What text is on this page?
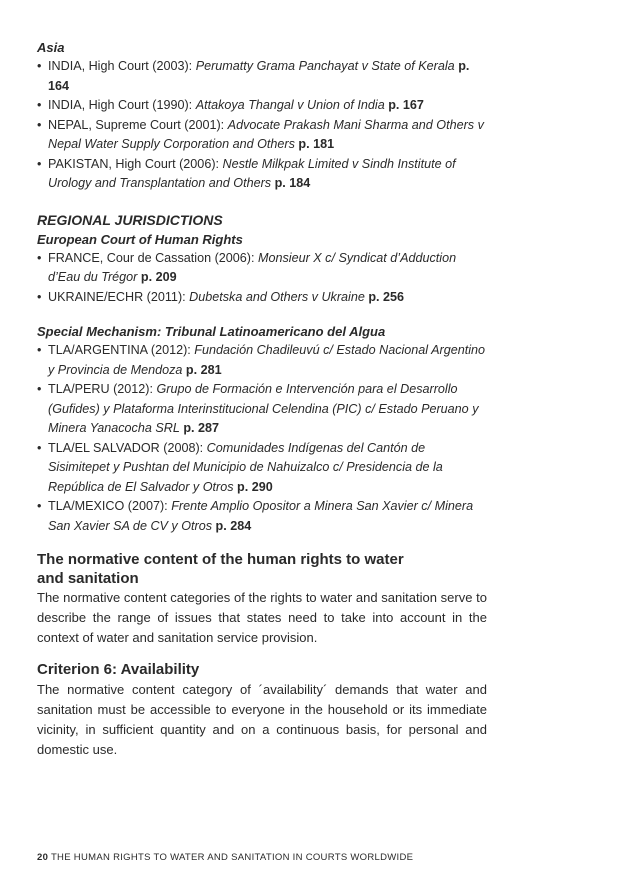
Asia

• INDIA, High Court (2003): Perumatty Grama Panchayat v State of Kerala p. 164

• INDIA, High Court (1990): Attakoya Thangal v Union of India p. 167

• NEPAL, Supreme Court (2001): Advocate Prakash Mani Sharma and Others v Nepal Water Supply Corporation and Others p. 181

• PAKISTAN, High Court (2006): Nestle Milkpak Limited v Sindh Institute of Urology and Transplantation and Others p. 184

REGIONAL JURISDICTIONS

European Court of Human Rights

• FRANCE, Cour de Cassation (2006): Monsieur X c/ Syndicat d’Adduction d’Eau du Trégor p. 209

• UKRAINE/ECHR (2011): Dubetska and Others v Ukraine p. 256

Special Mechanism: Tribunal Latinoamericano del Algua

• TLA/ARGENTINA (2012): Fundación Chadileuvú c/ Estado Nacional Argentino y Provincia de Mendoza p. 281

• TLA/PERU (2012): Grupo de Formación e Intervención para el Desarrollo (Gufides) y Plataforma Interinstitucional Celendina (PIC) c/ Estado Peruano y Minera Yanacocha SRL p. 287

• TLA/EL SALVADOR (2008): Comunidades Indígenas del Cantón de Sisimitepet y Pushtan del Municipio de Nahuizalco c/ Presidencia de la República de El Salvador y Otros p. 290

• TLA/MEXICO (2007): Frente Amplio Opositor a Minera San Xavier c/ Minera San Xavier SA de CV y Otros p. 284

The normative content of the human rights to water and sanitation

The normative content categories of the rights to water and sanitation serve to describe the range of issues that states need to take into account in the context of water and sanitation service provision.

Criterion 6: Availability

The normative content category of ´availability´ demands that water and sanitation must be accessible to everyone in the household or its immediate vicinity, in sufficient quantity and on a continuous basis, for personal and domestic use.

20 THE HUMAN RIGHTS TO WATER AND SANITATION IN COURTS WORLDWIDE
